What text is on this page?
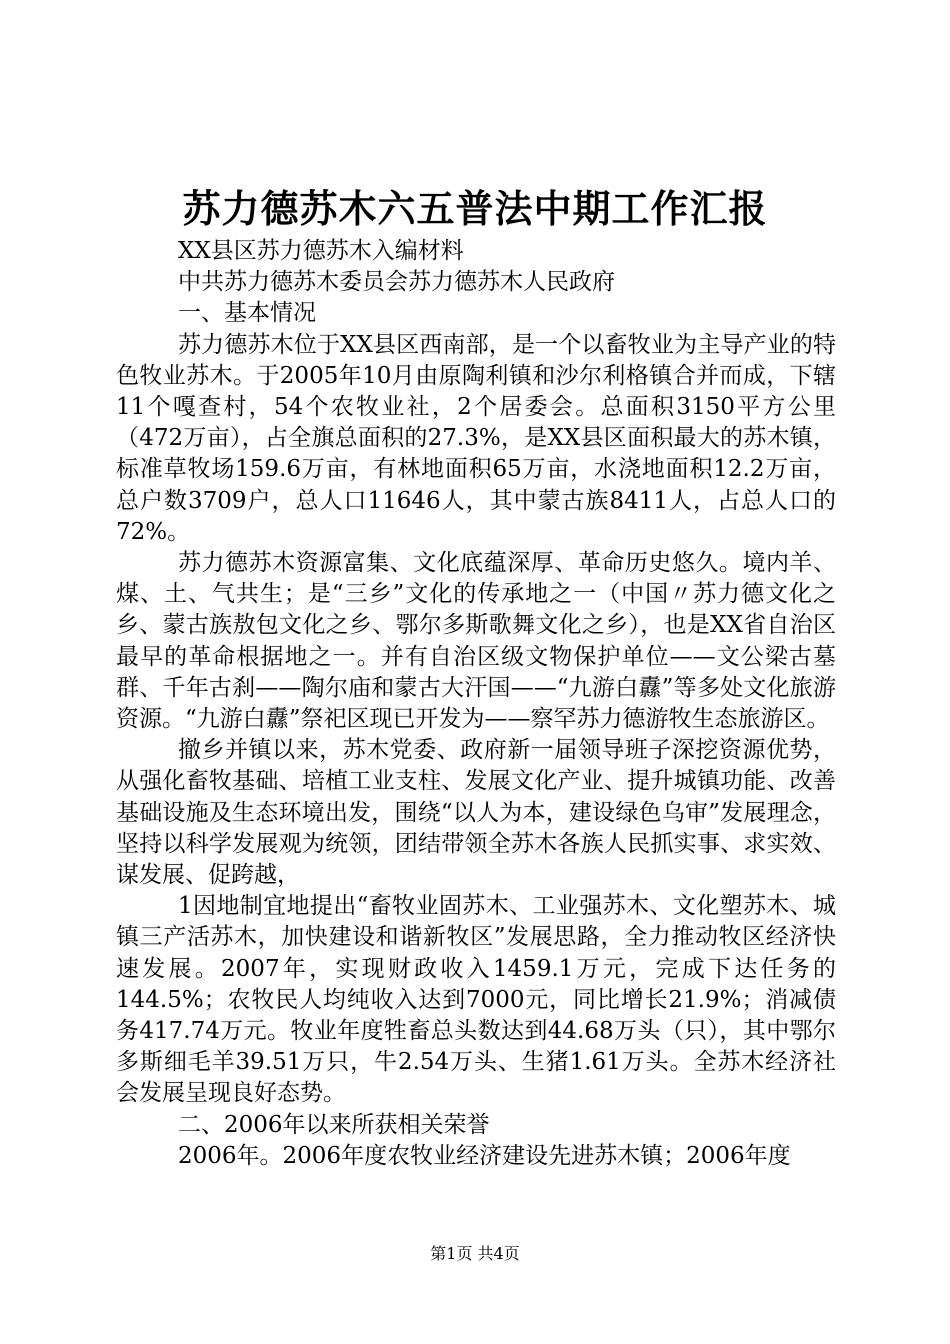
苏力德苏木六五普法中期工作汇报

XX县区苏力德苏木入编材料

中共苏力德苏木委员会苏力德苏木人民政府

一、基本情况

苏力德苏木位于XX县区西南部，是一个以畜牧业为主导产业的特色牧业苏木。于2005年10月由原陶利镇和沙尔利格镇合并而成，下辖11个嘎查村，54个农牧业社，2个居委会。总面积3150平方公里（472万亩），占全旗总面积的27.3%，是XX县区面积最大的苏木镇，标准草牧场159.6万亩，有林地面积65万亩，水浇地面积12.2万亩，总户数3709户，总人口11646人，其中蒙古族8411人，占总人口的72%。

苏力德苏木资源富集、文化底蕴深厚、革命历史悠久。境内羊、煤、土、气共生；是“三乡”文化的传承地之一（中国〃苏力德文化之乡、蒙古族敖包文化之乡、鄂尔多斯歌舞文化之乡），也是XX省自治区最早的革命根据地之一。并有自治区级文物保护单位——文公梁古墓群、千年古刹——陶尔庙和蒙古大汗国——“九游白纛”等多处文化旅游资源。“九游白纛”祭祀区现已开发为——察罕苏力德游牧生态旅游区。

撤乡并镇以来，苏木党委、政府新一届领导班子深挖资源优势，从强化畜牧基础、培植工业支柱、发展文化产业、提升城镇功能、改善基础设施及生态环境出发，围绕“以人为本，建设绿色乌审”发展理念，坚持以科学发展观为统领，团结带领全苏木各族人民抓实事、求实效、谋发展、促跨越，

1因地制宜地提出“畜牧业固苏木、工业强苏木、文化塑苏木、城镇三产活苏木，加快建设和谐新牧区”发展思路，全力推动牧区经济快速发展。2007年，实现财政收入1459.1万元，完成下达任务的144.5%；农牧民人均纯收入达到7000元，同比增长21.9%；消减债务417.74万元。牧业年度牲畜总头数达到44.68万头（只），其中鄂尔多斯细毛羊39.51万只，牛2.54万头、生猪1.61万头。全苏木经济社会发展呈现良好态势。

二、2006年以来所获相关荣誉

2006年。2006年度农牧业经济建设先进苏木镇；2006年度

第1页 共4页
